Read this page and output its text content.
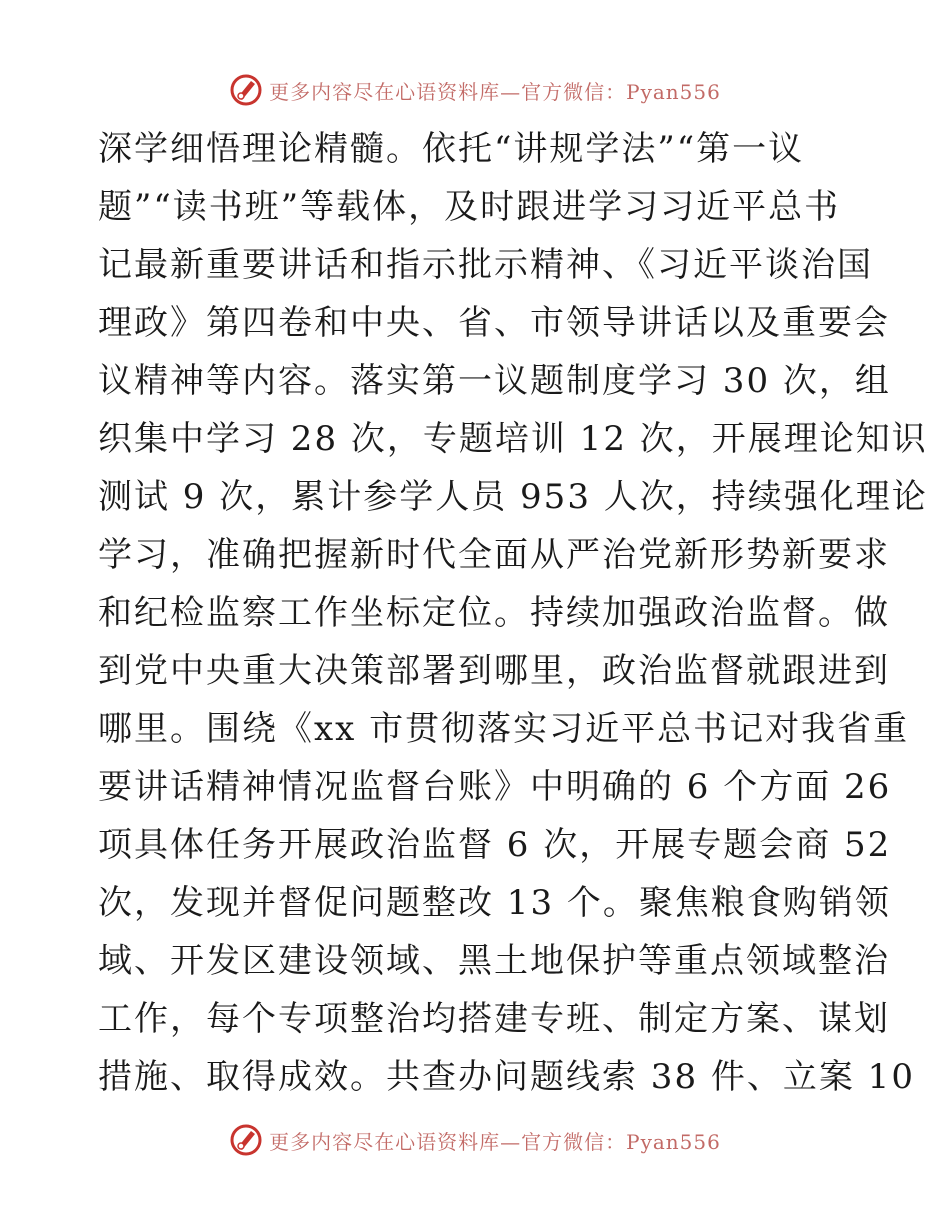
更多内容尽在心语资料库—官方微信：Pyan556
深学细悟理论精髓。依托“讲规学法”“第一议
题”“读书班”等载体，及时跟进学习习近平总书
记最新重要讲话和指示批示精神、《习近平谈治国
理政》第四卷和中央、省、市领导讲话以及重要会
议精神等内容。落实第一议题制度学习 30 次，组
织集中学习 28 次，专题培训 12 次，开展理论知识
测试 9 次，累计参学人员 953 人次，持续强化理论
学习，准确把握新时代全面从严治党新形势新要求
和纪检监察工作坐标定位。持续加强政治监督。做
到党中央重大决策部署到哪里，政治监督就跟进到
哪里。围绕《xx 市贯彻落实习近平总书记对我省重
要讲话精神情况监督台账》中明确的 6 个方面 26
项具体任务开展政治监督 6 次，开展专题会商 52
次，发现并督促问题整改 13 个。聚焦粮食购销领
域、开发区建设领域、黑土地保护等重点领域整治
工作，每个专项整治均搭建专班、制定方案、谋划
措施、取得成效。共查办问题线索 38 件、立案 10
更多内容尽在心语资料库—官方微信：Pyan556
